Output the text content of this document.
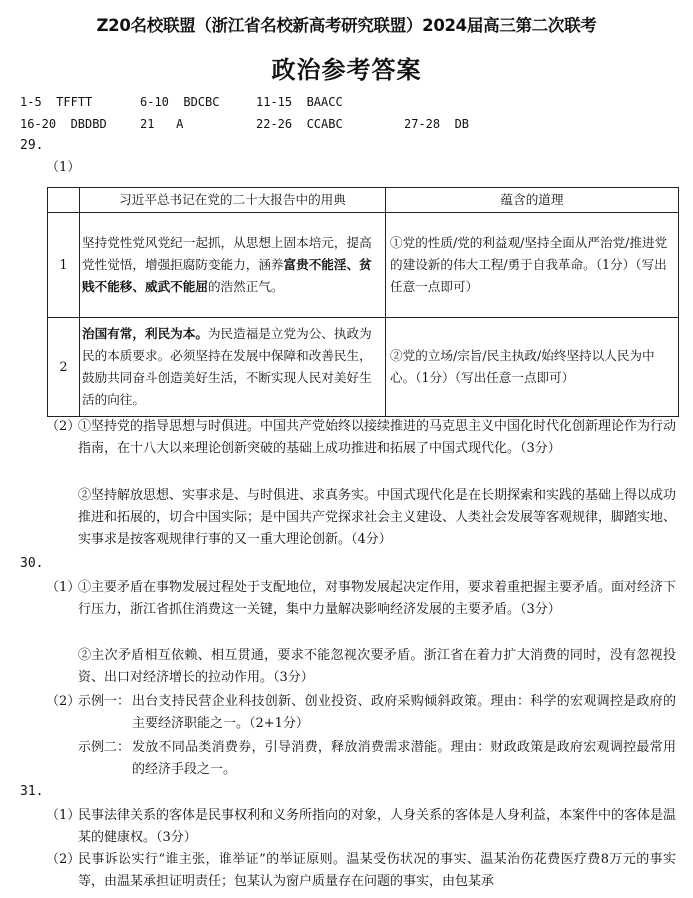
Z20名校联盟（浙江省名校新高考研究联盟）2024届高三第二次联考
政治参考答案
1-5 TFFTT	6-10 BDCBC	11-15 BAACC
16-20 DBDBD	21 A	22-26 CCABC	27-28 DB
29.
（1）
	习近平总书记在党的二十大报告中的用典	蕴含的道理
1	坚持党性党风党纪一起抓，从思想上固本培元，提高党性觉悟，增强拒腐防变能力，涵养富贵不能淫、贫贱不能移、威武不能屈的浩然正气。	①党的性质/党的利益观/坚持全面从严治党/推进党的建设新的伟大工程/勇于自我革命。（1分）（写出任意一点即可）
2	治国有常，利民为本。为民造福是立党为公、执政为民的本质要求。必须坚持在发展中保障和改善民生，鼓励共同奋斗创造美好生活，不断实现人民对美好生活的向往。	②党的立场/宗旨/民主执政/始终坚持以人民为中心。（1分）（写出任意一点即可）
（2）
①坚持党的指导思想与时俱进。中国共产党始终以接续推进的马克思主义中国化时代化创新理论作为行动指南，在十八大以来理论创新突破的基础上成功推进和拓展了中国式现代化。（3分）
②坚持解放思想、实事求是、与时俱进、求真务实。中国式现代化是在长期探索和实践的基础上得以成功推进和拓展的，切合中国实际；是中国共产党探求社会主义建设、人类社会发展等客观规律，脚踏实地、实事求是按客观规律行事的又一重大理论创新。（4分）
30.
（1）
①主要矛盾在事物发展过程处于支配地位，对事物发展起决定作用，要求着重把握主要矛盾。面对经济下行压力，浙江省抓住消费这一关键，集中力量解决影响经济发展的主要矛盾。（3分）
②主次矛盾相互依赖、相互贯通，要求不能忽视次要矛盾。浙江省在着力扩大消费的同时，没有忽视投资、出口对经济增长的拉动作用。（3分）
（2）
示例一： 出台支持民营企业科技创新、创业投资、政府采购倾斜政策。理由：科学的宏观调控是政府的主要经济职能之一。（2+1分）
示例二： 发放不同品类消费券，引导消费，释放消费需求潜能。理由：财政政策是政府宏观调控最常用的经济手段之一。
31.
（1）
民事法律关系的客体是民事权利和义务所指向的对象，人身关系的客体是人身利益，本案件中的客体是温某的健康权。（3分）
（2）
民事诉讼实行“谁主张，谁举证”的举证原则。温某受伤状况的事实、温某治伤花费医疗费8万元的事实等，由温某承担证明责任；包某认为窗户质量存在问题的事实，由包某承
